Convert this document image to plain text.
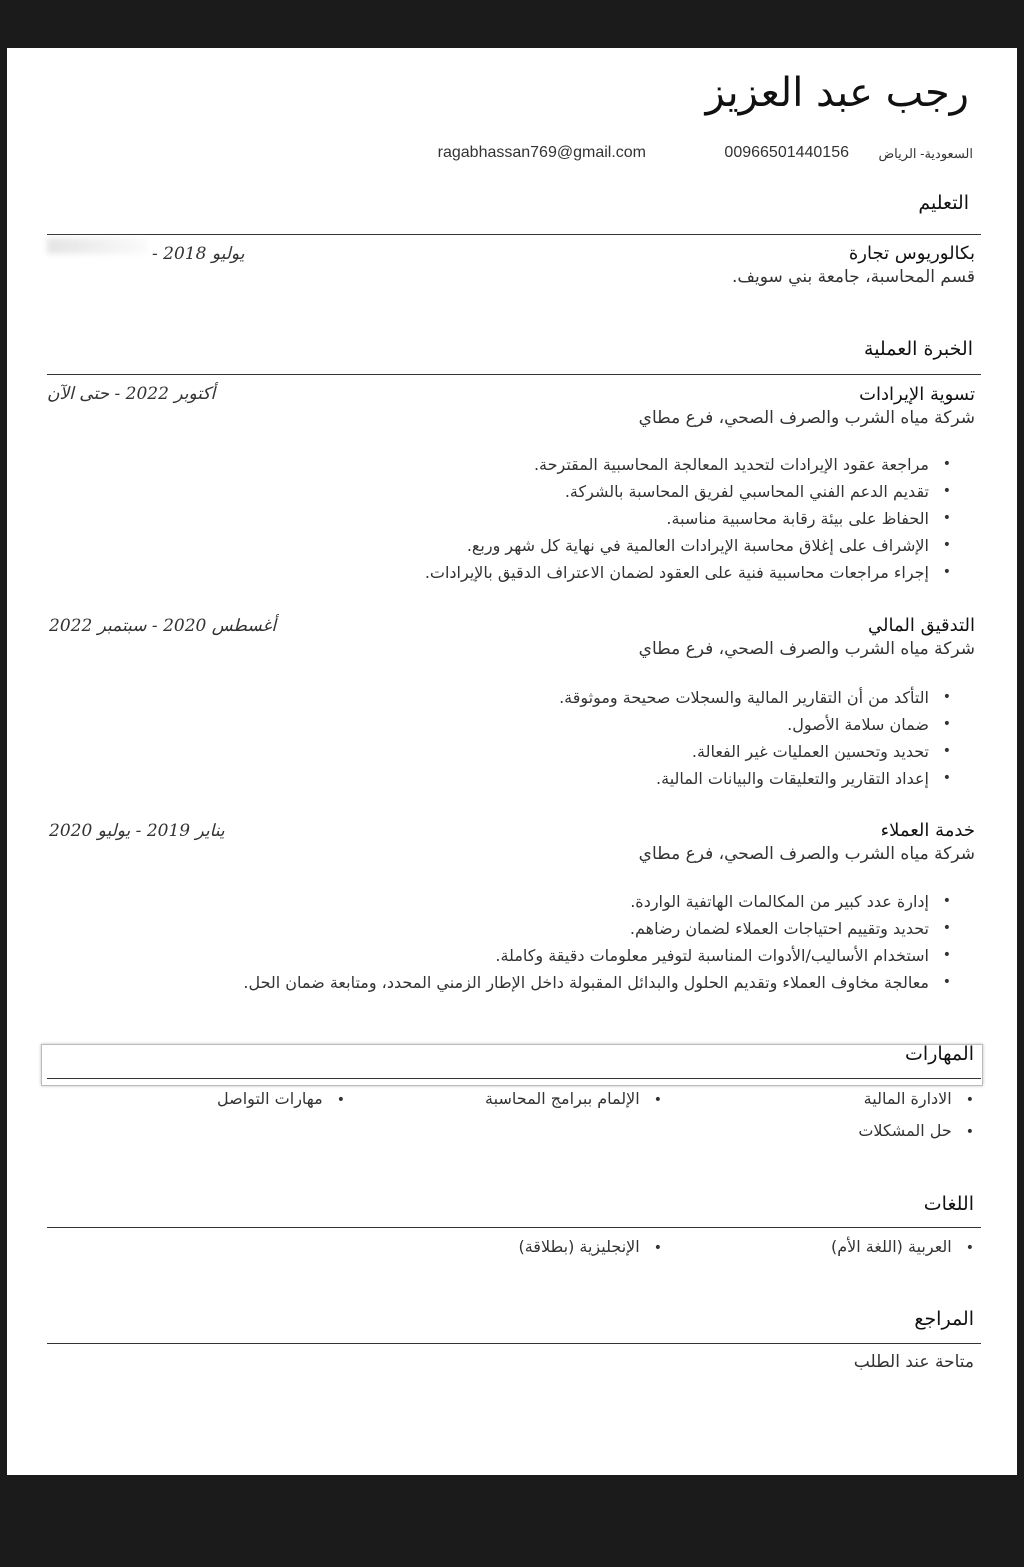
رجب عبد العزيز
السعودية- الرياض
00966501440156
ragabhassan769@gmail.com
التعليم
بكالوريوس تجارة
يوليو 2018 -
قسم المحاسبة، جامعة بني سويف.
الخبرة العملية
تسوية الإيرادات
أكتوبر 2022 - حتى الآن
شركة مياه الشرب والصرف الصحي، فرع مطاي
• مراجعة عقود الإيرادات لتحديد المعالجة المحاسبية المقترحة.
• تقديم الدعم الفني المحاسبي لفريق المحاسبة بالشركة.
• الحفاظ على بيئة رقابة محاسبية مناسبة.
• الإشراف على إغلاق محاسبة الإيرادات العالمية في نهاية كل شهر وربع.
• إجراء مراجعات محاسبية فنية على العقود لضمان الاعتراف الدقيق بالإيرادات.
التدقيق المالي
أغسطس 2020 - سبتمبر 2022
شركة مياه الشرب والصرف الصحي، فرع مطاي
• التأكد من أن التقارير المالية والسجلات صحيحة وموثوقة.
• ضمان سلامة الأصول.
• تحديد وتحسين العمليات غير الفعالة.
• إعداد التقارير والتعليقات والبيانات المالية.
خدمة العملاء
يناير 2019 - يوليو 2020
شركة مياه الشرب والصرف الصحي، فرع مطاي
• إدارة عدد كبير من المكالمات الهاتفية الواردة.
• تحديد وتقييم احتياجات العملاء لضمان رضاهم.
• استخدام الأساليب/الأدوات المناسبة لتوفير معلومات دقيقة وكاملة.
• معالجة مخاوف العملاء وتقديم الحلول والبدائل المقبولة داخل الإطار الزمني المحدد، ومتابعة ضمان الحل.
المهارات
•الادارة المالية
•الإلمام ببرامج المحاسبة
•مهارات التواصل
•حل المشكلات
اللغات
•العربية (اللغة الأم)
•الإنجليزية (بطلاقة)
المراجع
متاحة عند الطلب
